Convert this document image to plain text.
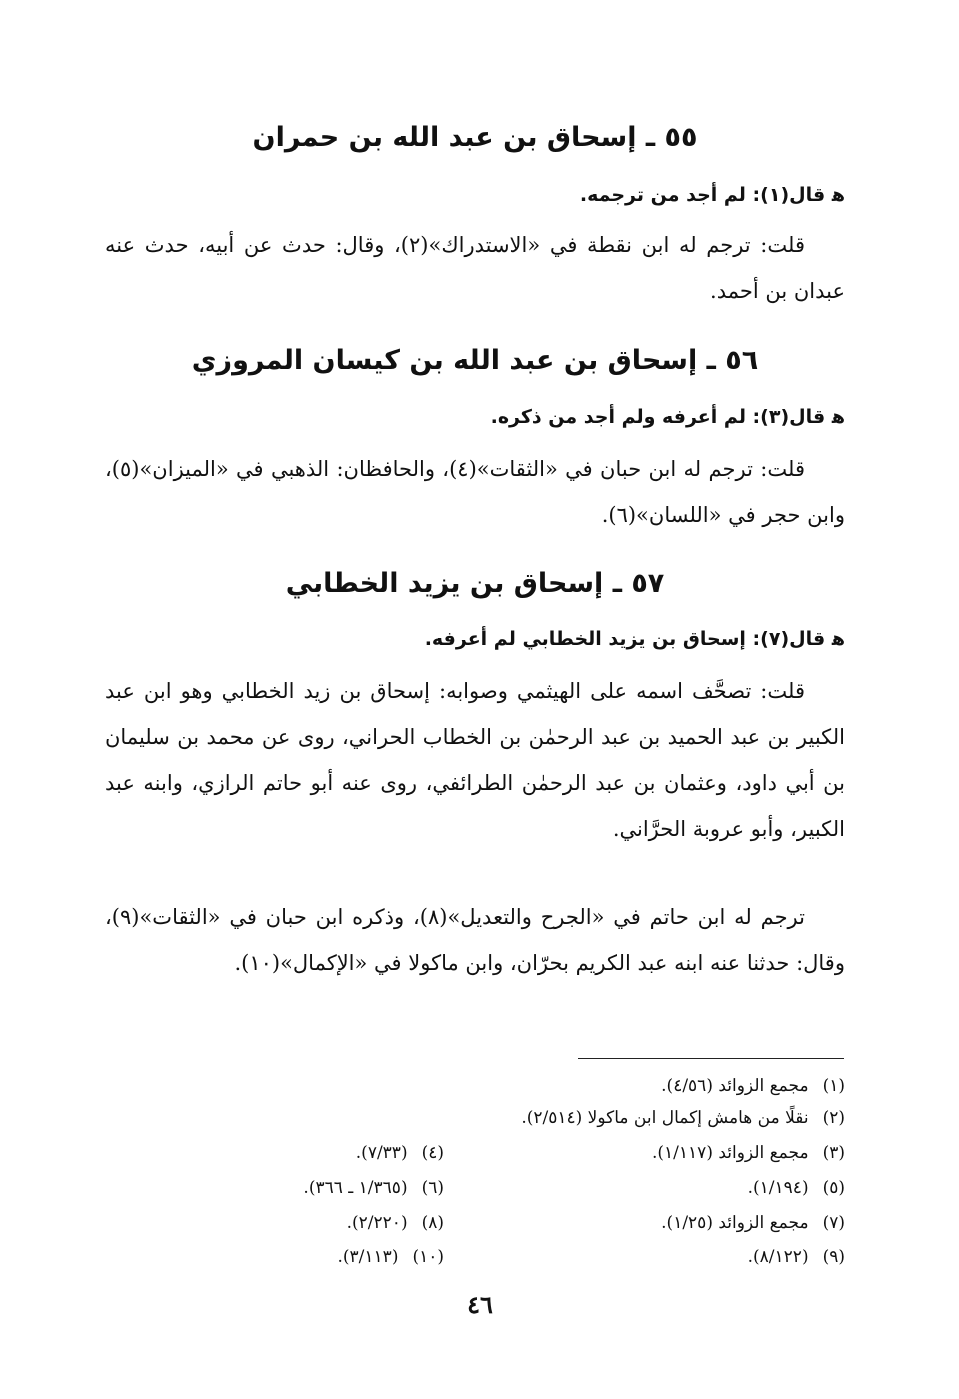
٥٥ ـ إسحاق بن عبد الله بن حمران
ﻫ قال(١): لم أجد من ترجمه.

قلت: ترجم له ابن نقطة في «الاستدراك»(٢)، وقال: حدث عن أبيه، حدث عنه عبدان بن أحمد.

٥٦ ـ إسحاق بن عبد الله بن كيسان المروزي
ﻫ قال(٣): لم أعرفه ولم أجد من ذكره.

قلت: ترجم له ابن حبان في «الثقات»(٤)، والحافظان: الذهبي في «الميزان»(٥)، وابن حجر في «اللسان»(٦).

٥٧ ـ إسحاق بن يزيد الخطابي
ﻫ قال(٧): إسحاق بن يزيد الخطابي لم أعرفه.

قلت: تصحَّف اسمه على الهيثمي وصوابه: إسحاق بن زيد الخطابي وهو ابن عبد الكبير بن عبد الحميد بن عبد الرحمٰن بن الخطاب الحراني، روى عن محمد بن سليمان بن أبي داود، وعثمان بن عبد الرحمٰن الطرائفي، روى عنه أبو حاتم الرازي، وابنه عبد الكبير، وأبو عروبة الحرَّاني.

ترجم له ابن حاتم في «الجرح والتعديل»(٨)، وذكره ابن حبان في «الثقات»(٩)، وقال: حدثنا عنه ابنه عبد الكريم بحرّان، وابن ماكولا في «الإكمال»(١٠).

(١)مجمع الزوائد (٤/٥٦).
(٢)نقلًا من هامش إكمال ابن ماكولا (٢/٥١٤).
(٣)مجمع الزوائد (١/١١٧).
(٤)(٧/٣٣).
(٥)(١/١٩٤).
(٦)(١/٣٦٥ ـ ٣٦٦).
(٧)مجمع الزوائد (١/٢٥).
(٨)(٢/٢٢٠).
(٩)(٨/١٢٢).
(١٠)(٣/١١٣).
٤٦
